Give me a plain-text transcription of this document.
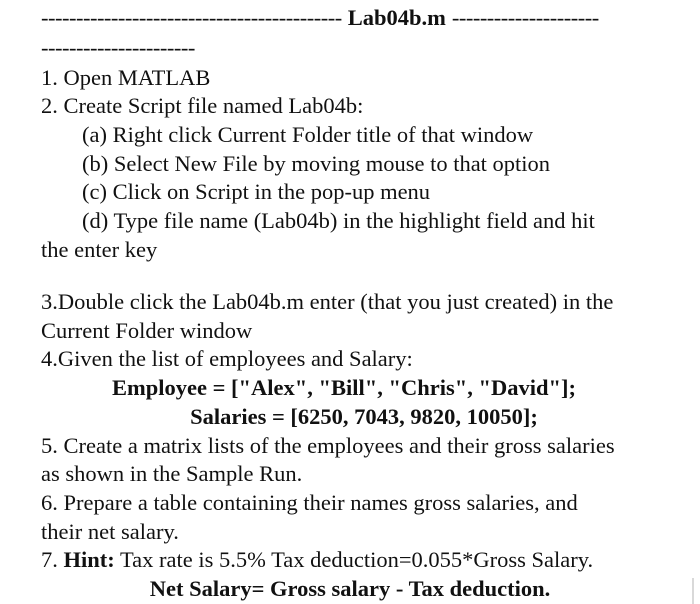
------------------------------------------- Lab04b.m ---------------------
----------------------
1. Open MATLAB
2. Create Script file named Lab04b:
(a) Right click Current Folder title of that window
(b) Select New File by moving mouse to that option
(c) Click on Script in the pop-up menu
(d) Type file name (Lab04b) in the highlight field and hit
the enter key
3.Double click the Lab04b.m enter (that you just created) in the
Current Folder window
4.Given the list of employees and Salary:
Employee = ["Alex", "Bill", "Chris", "David"];
Salaries = [6250, 7043, 9820, 10050];
5. Create a matrix lists of the employees and their gross salaries
as shown in the Sample Run.
6. Prepare a table containing their names gross salaries, and
their net salary.
7. Hint: Tax rate is 5.5% Tax deduction=0.055*Gross Salary.
Net Salary= Gross salary - Tax deduction.
